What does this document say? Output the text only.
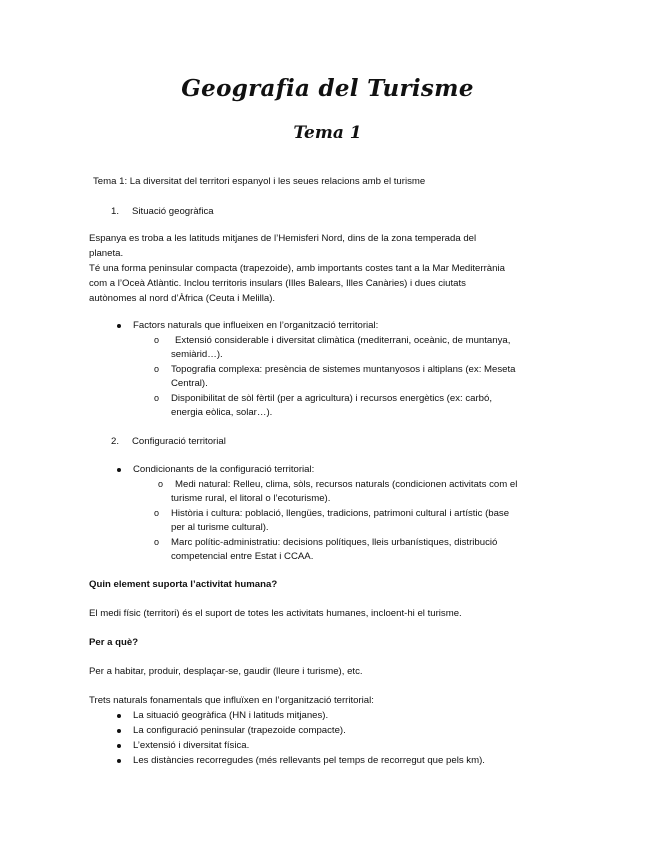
Geografia del Turisme
Tema 1
Tema 1: La diversitat del territori espanyol i les seues relacions amb el turisme
1. Situació geogràfica
Espanya es troba a les latituds mitjanes de l’Hemisferi Nord, dins de la zona temperada del
planeta.
Té una forma peninsular compacta (trapezoide), amb importants costes tant a la Mar Mediterrània
com a l’Oceà Atlàntic. Inclou territoris insulars (Illes Balears, Illes Canàries) i dues ciutats
autònomes al nord d’Àfrica (Ceuta i Melilla).
Factors naturals que influeixen en l’organització territorial:
o Extensió considerable i diversitat climàtica (mediterrani, oceànic, de muntanya,
semiàrid…).
o Topografia complexa: presència de sistemes muntanyosos i altiplans (ex: Meseta
Central).
o Disponibilitat de sòl fèrtil (per a agricultura) i recursos energètics (ex: carbó,
energia eòlica, solar…).
2. Configuració territorial
Condicionants de la configuració territorial:
o Medi natural: Relleu, clima, sòls, recursos naturals (condicionen activitats com el
turisme rural, el litoral o l’ecoturisme).
o Història i cultura: població, llengües, tradicions, patrimoni cultural i artístic (base
per al turisme cultural).
o Marc polític-administratiu: decisions polítiques, lleis urbanístiques, distribució
competencial entre Estat i CCAA.
Quin element suporta l’activitat humana?
El medi físic (territori) és el suport de totes les activitats humanes, incloent-hi el turisme.
Per a què?
Per a habitar, produir, desplaçar-se, gaudir (lleure i turisme), etc.
Trets naturals fonamentals que influïxen en l’organització territorial:
La situació geogràfica (HN i latituds mitjanes).
La configuració peninsular (trapezoide compacte).
L’extensió i diversitat física.
Les distàncies recorregudes (més rellevants pel temps de recorregut que pels km).
